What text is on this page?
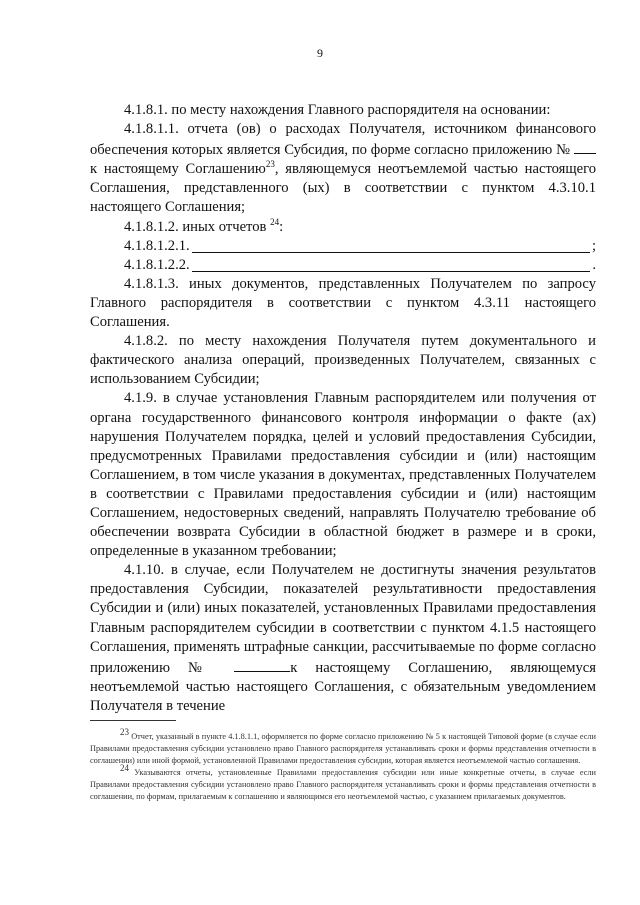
9

4.1.8.1. по месту нахождения Главного распорядителя на основании:

4.1.8.1.1. отчета (ов) о расходах Получателя, источником финансового обеспечения которых является Субсидия, по форме согласно приложению №  к настоящему Соглашению$^{23}$, являющемуся неотъемлемой частью настоящего Соглашения, представленного (ых) в соответствии с пунктом 4.3.10.1 настоящего Соглашения;

4.1.8.1.2. иных отчетов $^{24}$:

4.1.8.1.2.1.	;
4.1.8.1.2.2.	.

4.1.8.1.3. иных документов, представленных Получателем по запросу Главного распорядителя в соответствии с пунктом 4.3.11 настоящего Соглашения.

4.1.8.2. по месту нахождения Получателя путем документального и фактического анализа операций, произведенных Получателем, связанных с использованием Субсидии;

4.1.9. в случае установления Главным распорядителем или получения от органа государственного финансового контроля информации о факте (ах) нарушения Получателем порядка, целей и условий предоставления Субсидии, предусмотренных Правилами предоставления субсидии и (или) настоящим Соглашением, в том числе указания в документах, представленных Получателем в соответствии с Правилами предоставления субсидии и (или) настоящим Соглашением, недостоверных сведений, направлять Получателю требование об обеспечении возврата Субсидии в областной бюджет в размере и в сроки, определенные в указанном требовании;

4.1.10. в случае, если Получателем не достигнуты значения результатов предоставления Субсидии, показателей результативности предоставления Субсидии и (или) иных показателей, установленных Правилами предоставления Главным распорядителем субсидии в соответствии с пунктом 4.1.5 настоящего Соглашения, применять штрафные санкции, рассчитываемые по форме согласно приложению №	к настоящему Соглашению, являющемуся неотъемлемой частью настоящего Соглашения, с обязательным уведомлением Получателя в течение

$^{23}$ Отчет, указанный в пункте 4.1.8.1.1, оформляется по форме согласно приложению № 5 к настоящей Типовой форме (в случае если Правилами предоставления субсидии установлено право Главного распорядителя устанавливать сроки и формы представления отчетности в соглашении) или иной формой, установленной Правилами предоставления субсидии, которая является неотъемлемой частью соглашения.

$^{24}$ Указываются отчеты, установленные Правилами предоставления субсидии или иные конкретные отчеты, в случае если Правилами предоставления субсидии установлено право Главного распорядителя устанавливать сроки и формы представления отчетности в соглашении, по формам, прилагаемым к соглашению и являющимся его неотъемлемой частью, с указанием прилагаемых документов.
